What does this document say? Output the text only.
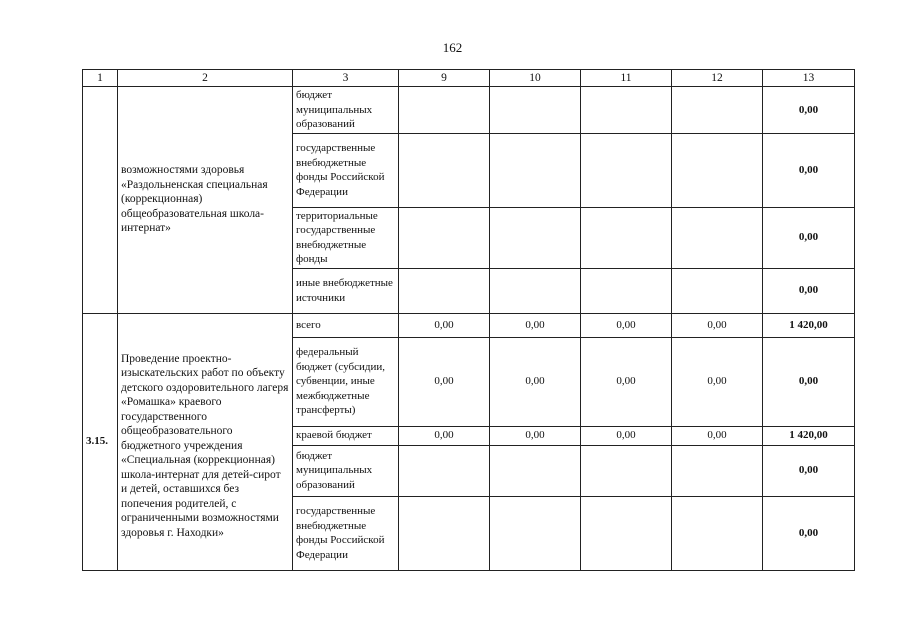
162
1	2	3	9	10	11	12	13
	возможностями здоровья «Раздольненская специальная (коррекционная) общеобразовательная школа-интернат»	бюджет муниципальных образований					0,00
		государственные внебюджетные фонды Российской Федерации					0,00
		территориальные государственные внебюджетные фонды					0,00
		иные внебюджетные источники					0,00
3.15.	Проведение проектно-изыскательских работ по объекту детского оздоровительного лагеря «Ромашка» краевого государственного общеобразовательного бюджетного учреждения «Специальная (коррекционная) школа-интернат для детей-сирот и детей, оставшихся без попечения родителей, с ограниченными возможностями здоровья г. Находки»	всего	0,00	0,00	0,00	0,00	1 420,00
		федеральный бюджет (субсидии, субвенции, иные межбюджетные трансферты)	0,00	0,00	0,00	0,00	0,00
		краевой бюджет	0,00	0,00	0,00	0,00	1 420,00
		бюджет муниципальных образований					0,00
		государственные внебюджетные фонды Российской Федерации					0,00
